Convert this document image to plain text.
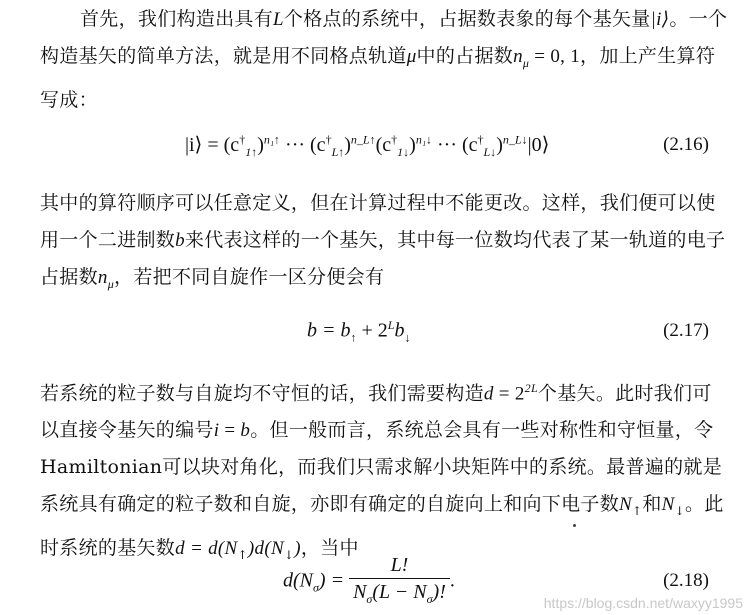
首先，我们构造出具有L个格点的系统中，占据数表象的每个基矢量|i⟩。一个构造基矢的简单方法，就是用不同格点轨道μ中的占据数$n_\mu = 0$, 1，加上产生算符写成：
|i⟩ = $(c^\dagger_{1↑})^{n_1↑}$ ··· $(c^\dagger_{L↑})^{n\_L↑}(c^\dagger_{1↓})^{n_1↓}$ ··· $(c^\dagger_{L↓})^{n\_L↓}|0⟩$	(2.16)
其中的算符顺序可以任意定义，但在计算过程中不能更改。这样，我们便可以使用一个二进制数b来代表这样的一个基矢，其中每一位数均代表了某一轨道的电子占据数$n_\mu$，若把不同自旋作一区分便会有
$b = b_↑ + 2^Lb_↓$	(2.17)
若系统的粒子数与自旋均不守恒的话，我们需要构造$d = 2^{2L}$个基矢。此时我们可以直接令基矢的编号i = b。但一般而言，系统总会具有一些对称性和守恒量，令Hamiltonian可以块对角化，而我们只需求解小块矩阵中的系统。最普遍的就是系统具有确定的粒子数和自旋，亦即有确定的自旋向上和向下电子数$N_↑$和$N_↓$。此时系统的基矢数$d = d(N_↑)d(N_↓)$，当中
$d(N_\sigma) = \frac{L!}{N_\sigma(L - N_\sigma)!}$ .	(2.18)
https://blog.csdn.net/waxyy1995
